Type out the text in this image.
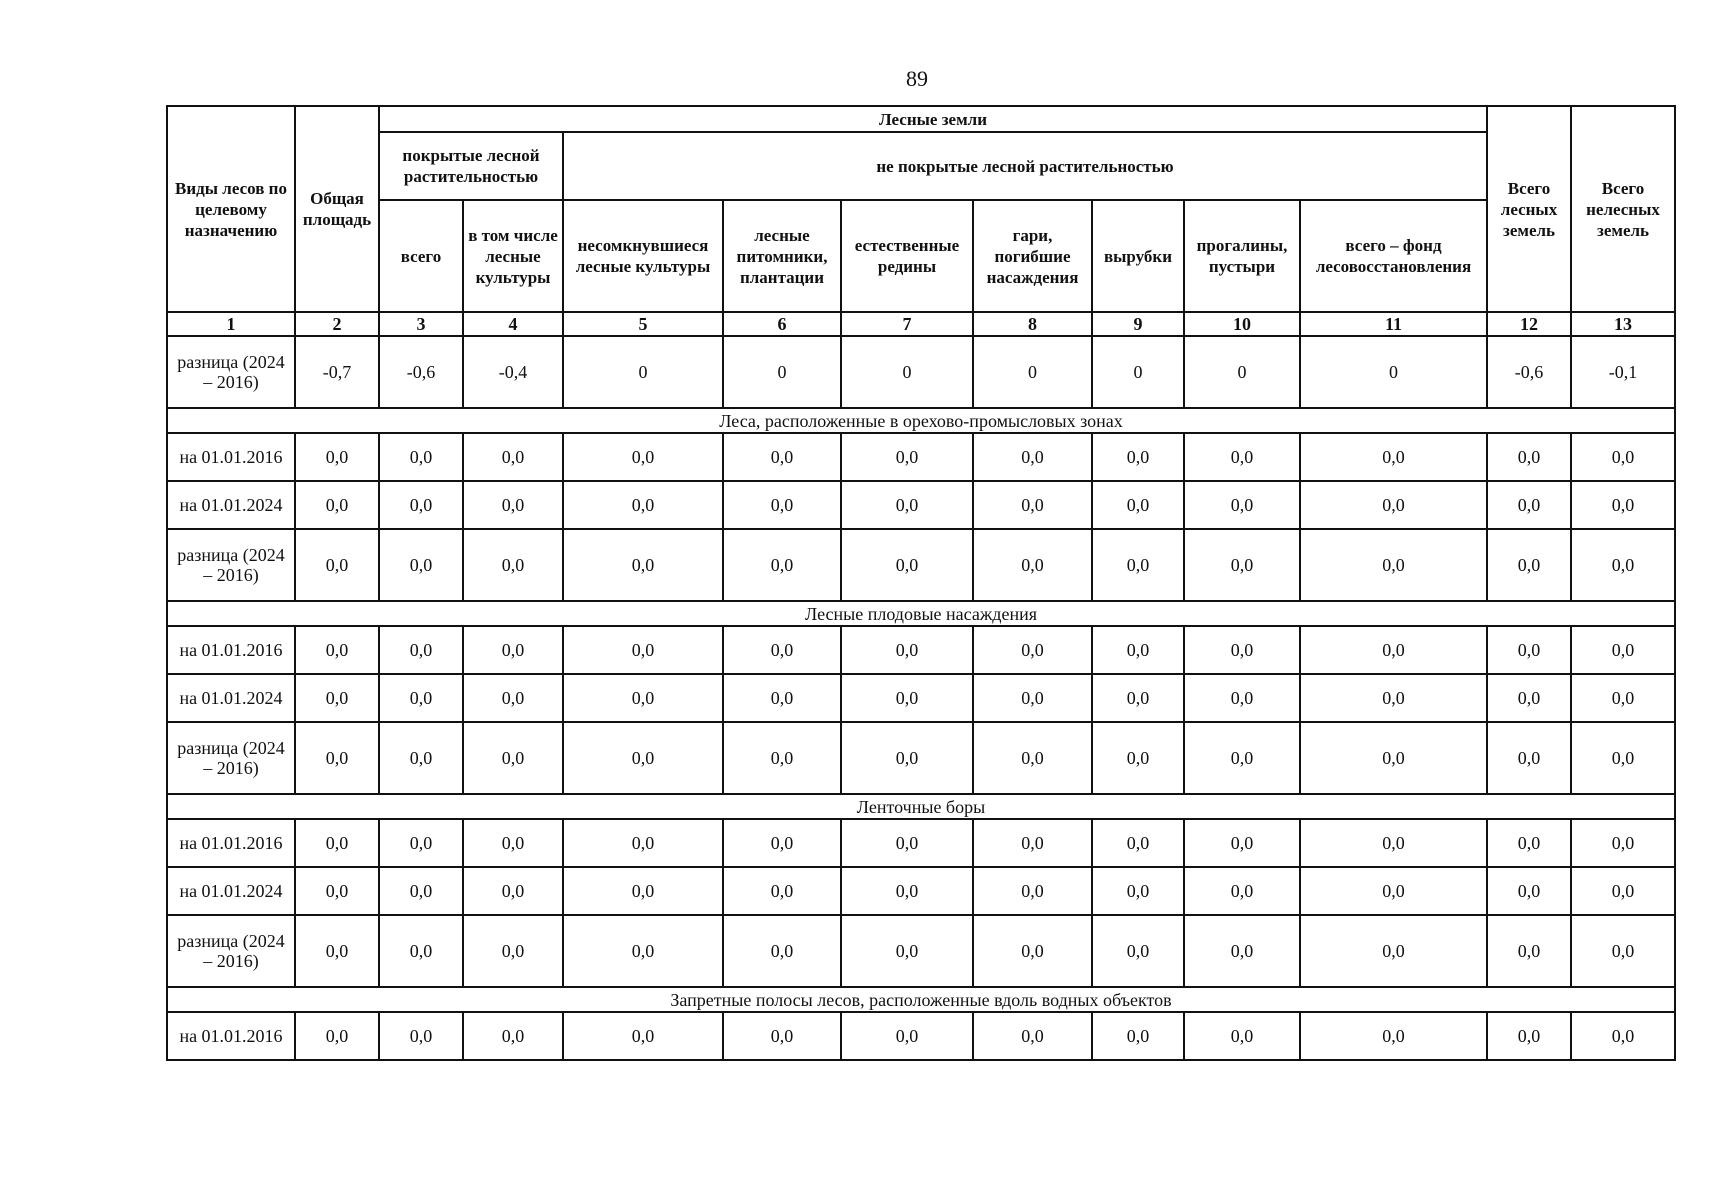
89
Виды лесов по целевому назначению	Общая площадь	Лесные земли									Всего лесных земель	Всего нелесных земель
		покрытые лесной растительностью		не покрытые лесной растительностью								
		всего	в том числе лесные культуры	несомкнувшиеся лесные культуры	лесные питомники, плантации	естественные редины	гари, погибшие насаждения	вырубки	прогалины, пустыри	всего – фонд лесовосстановления		
1	2	3	4	5	6	7	8	9	10	11	12	13
разница (2024 – 2016)	-0,7	-0,6	-0,4	0	0	0	0	0	0	0	-0,6	-0,1
Леса, расположенные в орехово-промысловых зонах												
на 01.01.2016	0,0	0,0	0,0	0,0	0,0	0,0	0,0	0,0	0,0	0,0	0,0	0,0
на 01.01.2024	0,0	0,0	0,0	0,0	0,0	0,0	0,0	0,0	0,0	0,0	0,0	0,0
разница (2024 – 2016)	0,0	0,0	0,0	0,0	0,0	0,0	0,0	0,0	0,0	0,0	0,0	0,0
Лесные плодовые насаждения												
на 01.01.2016	0,0	0,0	0,0	0,0	0,0	0,0	0,0	0,0	0,0	0,0	0,0	0,0
на 01.01.2024	0,0	0,0	0,0	0,0	0,0	0,0	0,0	0,0	0,0	0,0	0,0	0,0
разница (2024 – 2016)	0,0	0,0	0,0	0,0	0,0	0,0	0,0	0,0	0,0	0,0	0,0	0,0
Ленточные боры												
на 01.01.2016	0,0	0,0	0,0	0,0	0,0	0,0	0,0	0,0	0,0	0,0	0,0	0,0
на 01.01.2024	0,0	0,0	0,0	0,0	0,0	0,0	0,0	0,0	0,0	0,0	0,0	0,0
разница (2024 – 2016)	0,0	0,0	0,0	0,0	0,0	0,0	0,0	0,0	0,0	0,0	0,0	0,0
Запретные полосы лесов, расположенные вдоль водных объектов												
на 01.01.2016	0,0	0,0	0,0	0,0	0,0	0,0	0,0	0,0	0,0	0,0	0,0	0,0
